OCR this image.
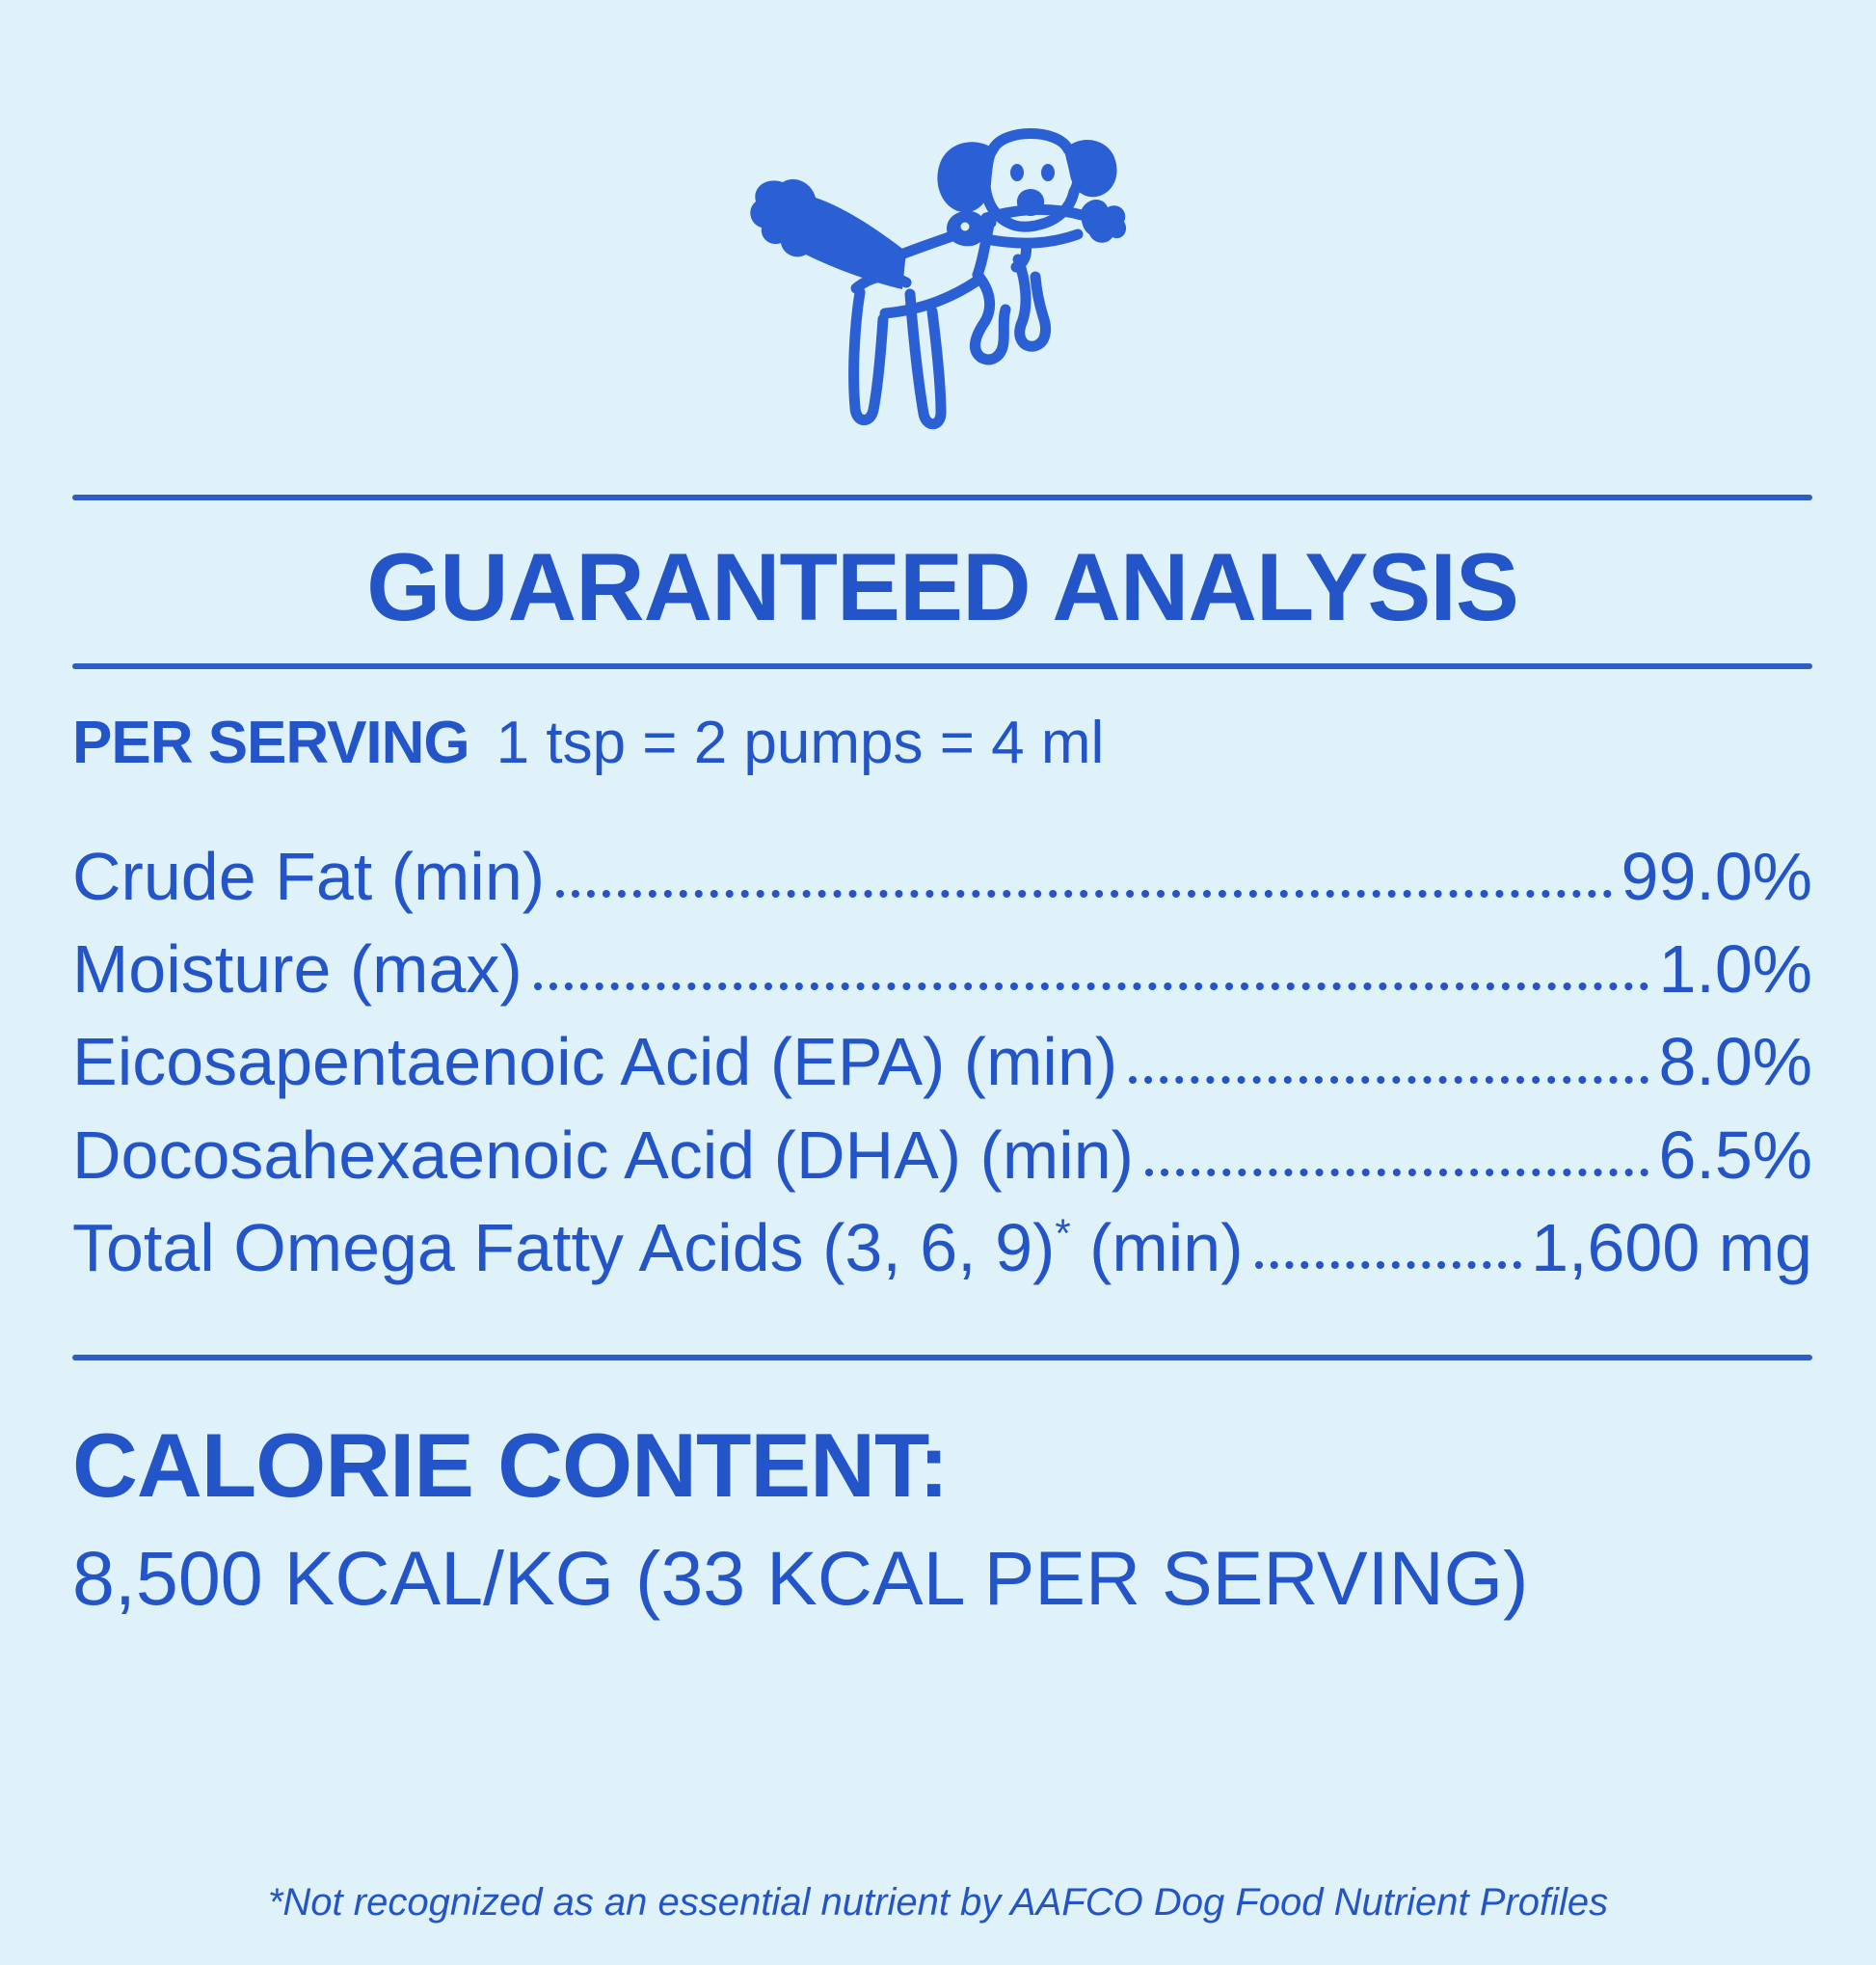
GUARANTEED ANALYSIS
PER SERVING 1 tsp = 2 pumps = 4 ml
Crude Fat (min)	99.0%
Moisture (max)	1.0%
Eicosapentaenoic Acid (EPA) (min)	8.0%
Docosahexaenoic Acid (DHA) (min)	6.5%
Total Omega Fatty Acids (3, 6, 9)* (min)	1,600 mg
CALORIE CONTENT:
8,500 KCAL/KG (33 KCAL PER SERVING)
*Not recognized as an essential nutrient by AAFCO Dog Food Nutrient Profiles
